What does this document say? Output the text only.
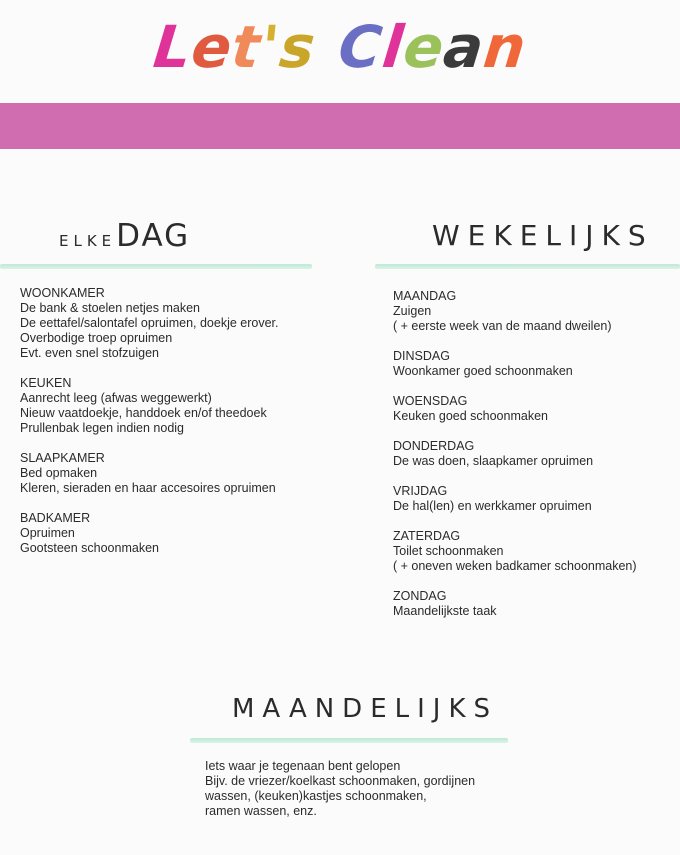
Let's Clean
ELKEDAG
WOONKAMER
De bank & stoelen netjes maken
De eettafel/salontafel opruimen, doekje erover.
Overbodige troep opruimen
Evt. even snel stofzuigen
KEUKEN
Aanrecht leeg (afwas weggewerkt)
Nieuw vaatdoekje, handdoek en/of theedoek
Prullenbak legen indien nodig
SLAAPKAMER
Bed opmaken
Kleren, sieraden en haar accesoires opruimen
BADKAMER
Opruimen
Gootsteen schoonmaken
WEKELIJKS
MAANDAG
Zuigen
( + eerste week van de maand dweilen)
DINSDAG
Woonkamer goed schoonmaken
WOENSDAG
Keuken goed schoonmaken
DONDERDAG
De was doen, slaapkamer opruimen
VRIJDAG
De hal(len) en werkkamer opruimen
ZATERDAG
Toilet schoonmaken
( + oneven weken badkamer schoonmaken)
ZONDAG
Maandelijkste taak
MAANDELIJKS
Iets waar je tegenaan bent gelopen
Bijv. de vriezer/koelkast schoonmaken, gordijnen
wassen, (keuken)kastjes schoonmaken,
ramen wassen, enz.
